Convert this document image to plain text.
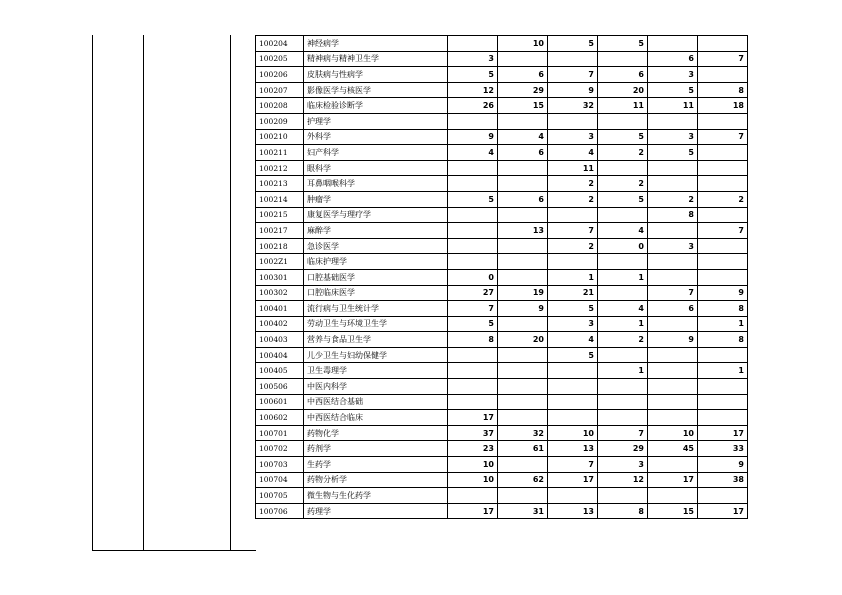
100204	神经病学		10	5	5		
100205	精神病与精神卫生学	3				6	7
100206	皮肤病与性病学	5	6	7	6	3	
100207	影像医学与核医学	12	29	9	20	5	8
100208	临床检验诊断学	26	15	32	11	11	18
100209	护理学						
100210	外科学	9	4	3	5	3	7
100211	妇产科学	4	6	4	2	5	
100212	眼科学			11			
100213	耳鼻咽喉科学			2	2		
100214	肿瘤学	5	6	2	5	2	2
100215	康复医学与理疗学					8	
100217	麻醉学		13	7	4		7
100218	急诊医学			2	0	3	
1002Z1	临床护理学						
100301	口腔基础医学	0		1	1		
100302	口腔临床医学	27	19	21		7	9
100401	流行病与卫生统计学	7	9	5	4	6	8
100402	劳动卫生与环境卫生学	5		3	1		1
100403	营养与食品卫生学	8	20	4	2	9	8
100404	儿少卫生与妇幼保健学			5			
100405	卫生毒理学				1		1
100506	中医内科学						
100601	中西医结合基础						
100602	中西医结合临床	17					
100701	药物化学	37	32	10	7	10	17
100702	药剂学	23	61	13	29	45	33
100703	生药学	10		7	3		9
100704	药物分析学	10	62	17	12	17	38
100705	微生物与生化药学						
100706	药理学	17	31	13	8	15	17
